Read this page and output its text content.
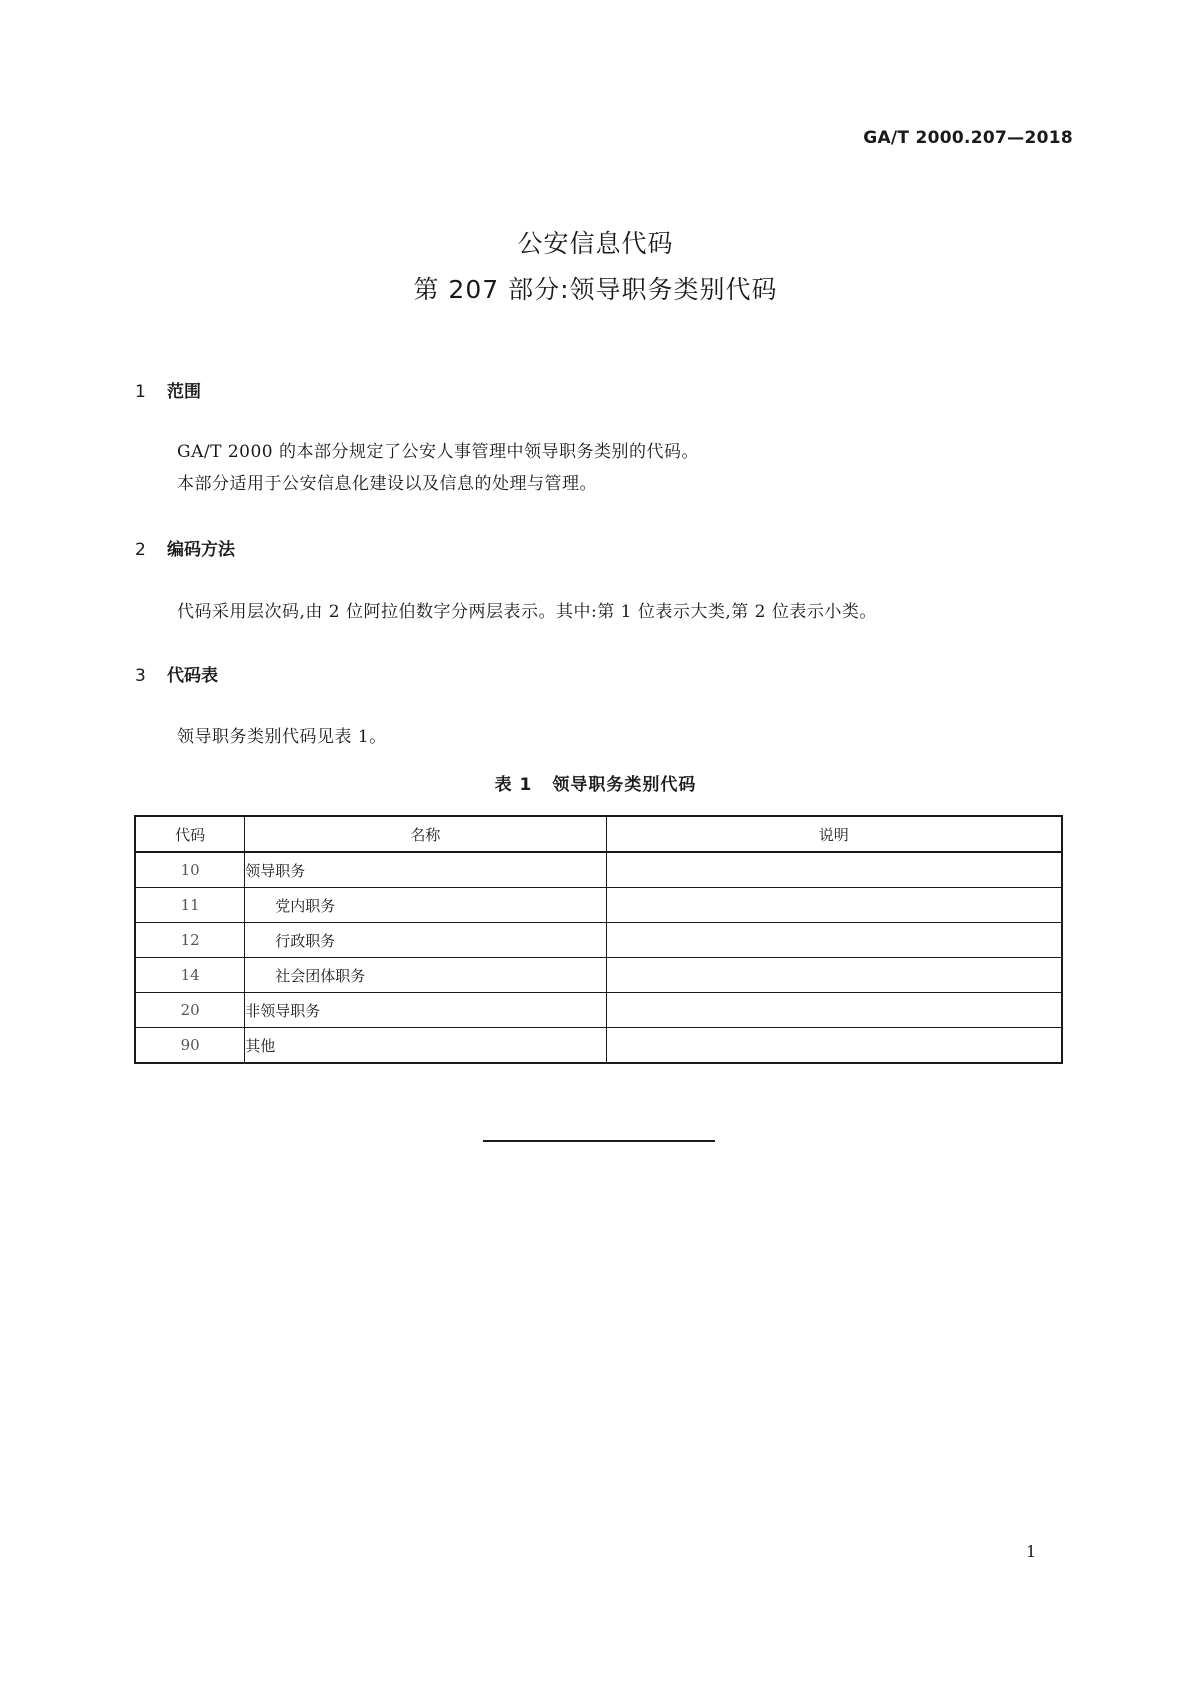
GA/T 2000.207—2018
公安信息代码
第 207 部分:领导职务类别代码
1 范围
GA/T 2000 的本部分规定了公安人事管理中领导职务类别的代码。
本部分适用于公安信息化建设以及信息的处理与管理。
2 编码方法
代码采用层次码,由 2 位阿拉伯数字分两层表示。其中:第 1 位表示大类,第 2 位表示小类。
3 代码表
领导职务类别代码见表 1。
表 1 领导职务类别代码
代码	名称	说明
10	领导职务	
11	党内职务	
12	行政职务	
14	社会团体职务	
20	非领导职务	
90	其他	
1
